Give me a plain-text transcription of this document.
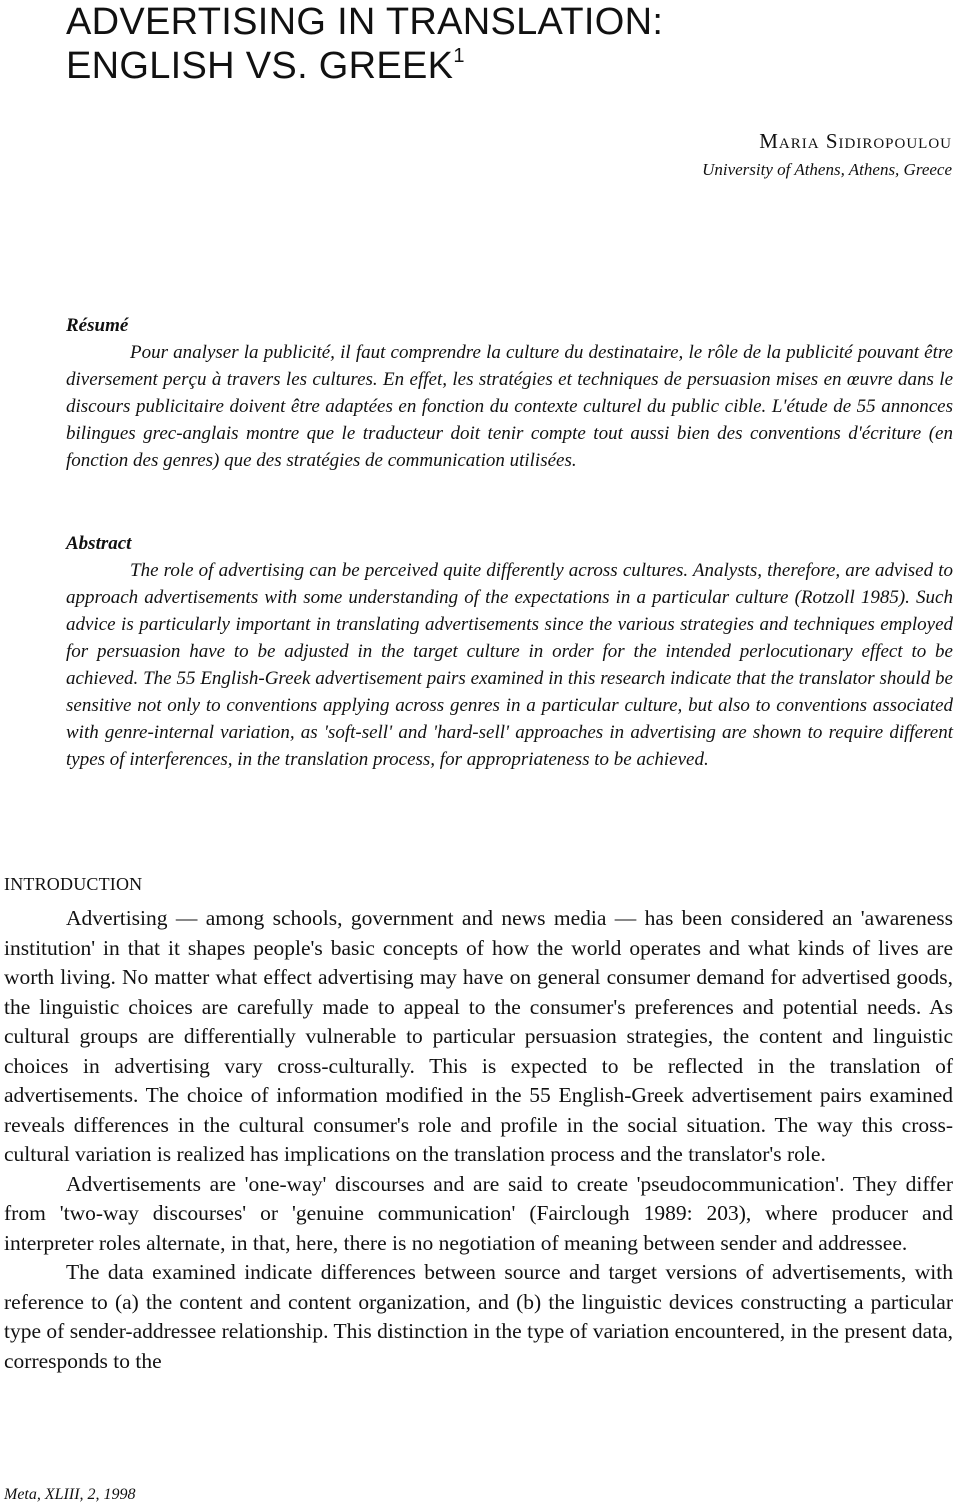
ADVERTISING IN TRANSLATION:
ENGLISH VS. GREEK$^1$
Maria Sidiropoulou
University of Athens, Athens, Greece
Résumé

Pour analyser la publicité, il faut comprendre la culture du destinataire, le rôle de la publicité pouvant être diversement perçu à travers les cultures. En effet, les stratégies et techniques de persuasion mises en œuvre dans le discours publicitaire doivent être adaptées en fonction du contexte culturel du public cible. L'étude de 55 annonces bilingues grec-anglais montre que le traducteur doit tenir compte tout aussi bien des conventions d'écriture (en fonction des genres) que des stratégies de communication utilisées.

Abstract

The role of advertising can be perceived quite differently across cultures. Analysts, therefore, are advised to approach advertisements with some understanding of the expectations in a particular culture (Rotzoll 1985). Such advice is particularly important in translating advertisements since the various strategies and techniques employed for persuasion have to be adjusted in the target culture in order for the intended perlocutionary effect to be achieved. The 55 English-Greek advertisement pairs examined in this research indicate that the translator should be sensitive not only to conventions applying across genres in a particular culture, but also to conventions associated with genre-internal variation, as 'soft-sell' and 'hard-sell' approaches in advertising are shown to require different types of interferences, in the translation process, for appropriateness to be achieved.

INTRODUCTION

Advertising — among schools, government and news media — has been considered an 'awareness institution' in that it shapes people's basic concepts of how the world operates and what kinds of lives are worth living. No matter what effect advertising may have on general consumer demand for advertised goods, the linguistic choices are carefully made to appeal to the consumer's preferences and potential needs. As cultural groups are differentially vulnerable to particular persuasion strategies, the content and linguistic choices in advertising vary cross-culturally. This is expected to be reflected in the translation of advertisements. The choice of information modified in the 55 English-Greek advertisement pairs examined reveals differences in the cultural consumer's role and profile in the social situation. The way this cross-cultural variation is realized has implications on the translation process and the translator's role.

Advertisements are 'one-way' discourses and are said to create 'pseudocommunication'. They differ from 'two-way discourses' or 'genuine communication' (Fairclough 1989: 203), where producer and interpreter roles alternate, in that, here, there is no negotiation of meaning between sender and addressee.

The data examined indicate differences between source and target versions of advertisements, with reference to (a) the content and content organization, and (b) the linguistic devices constructing a particular type of sender-addressee relationship. This distinction in the type of variation encountered, in the present data, corresponds to the

Meta, XLIII, 2, 1998
